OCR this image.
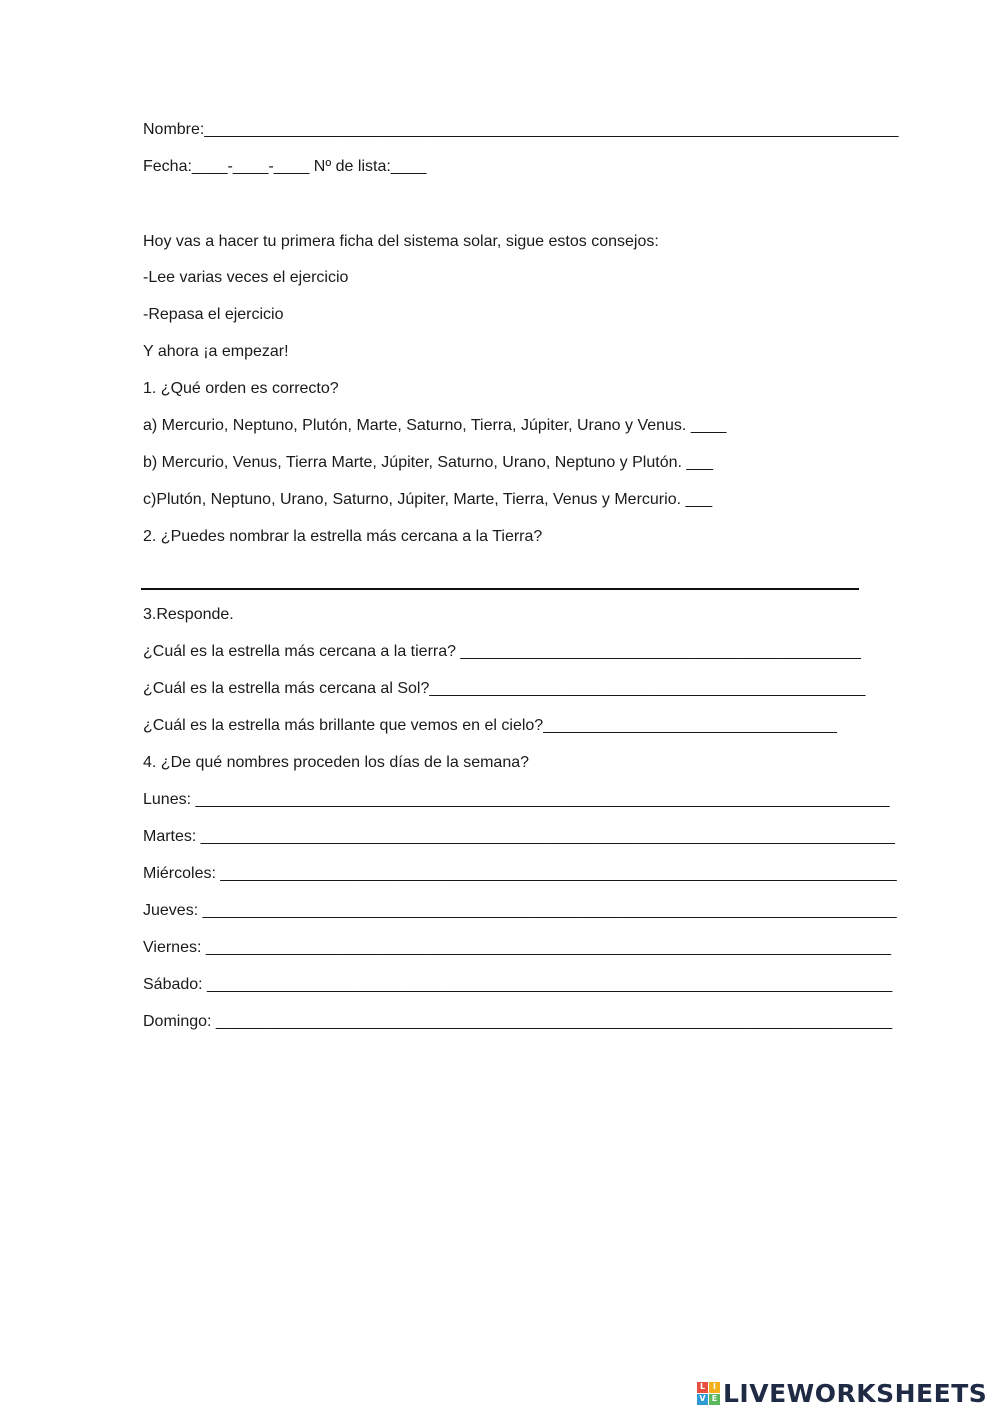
Nombre:______________________________________________________________________________
Fecha:____-____-____ Nº de lista:____
Hoy vas a hacer tu primera ficha del sistema solar, sigue estos consejos:
-Lee varias veces el ejercicio
-Repasa el ejercicio
Y ahora ¡a empezar!
1. ¿Qué orden es correcto?
a) Mercurio, Neptuno, Plutón, Marte, Saturno, Tierra, Júpiter, Urano y Venus. ____
b) Mercurio, Venus, Tierra Marte, Júpiter, Saturno, Urano, Neptuno y Plutón. ___
c)Plutón, Neptuno, Urano, Saturno, Júpiter, Marte, Tierra, Venus y Mercurio. ___
2. ¿Puedes nombrar la estrella más cercana a la Tierra?
3.Responde.
¿Cuál es la estrella más cercana a la tierra? _____________________________________________
¿Cuál es la estrella más cercana al Sol?_________________________________________________
¿Cuál es la estrella más brillante que vemos en el cielo?_________________________________
4. ¿De qué nombres proceden los días de la semana?
Lunes: ______________________________________________________________________________
Martes: ______________________________________________________________________________
Miércoles: ____________________________________________________________________________
Jueves: ______________________________________________________________________________
Viernes: _____________________________________________________________________________
Sábado: _____________________________________________________________________________
Domingo: ____________________________________________________________________________
L I
V E LIVEWORKSHEETS
